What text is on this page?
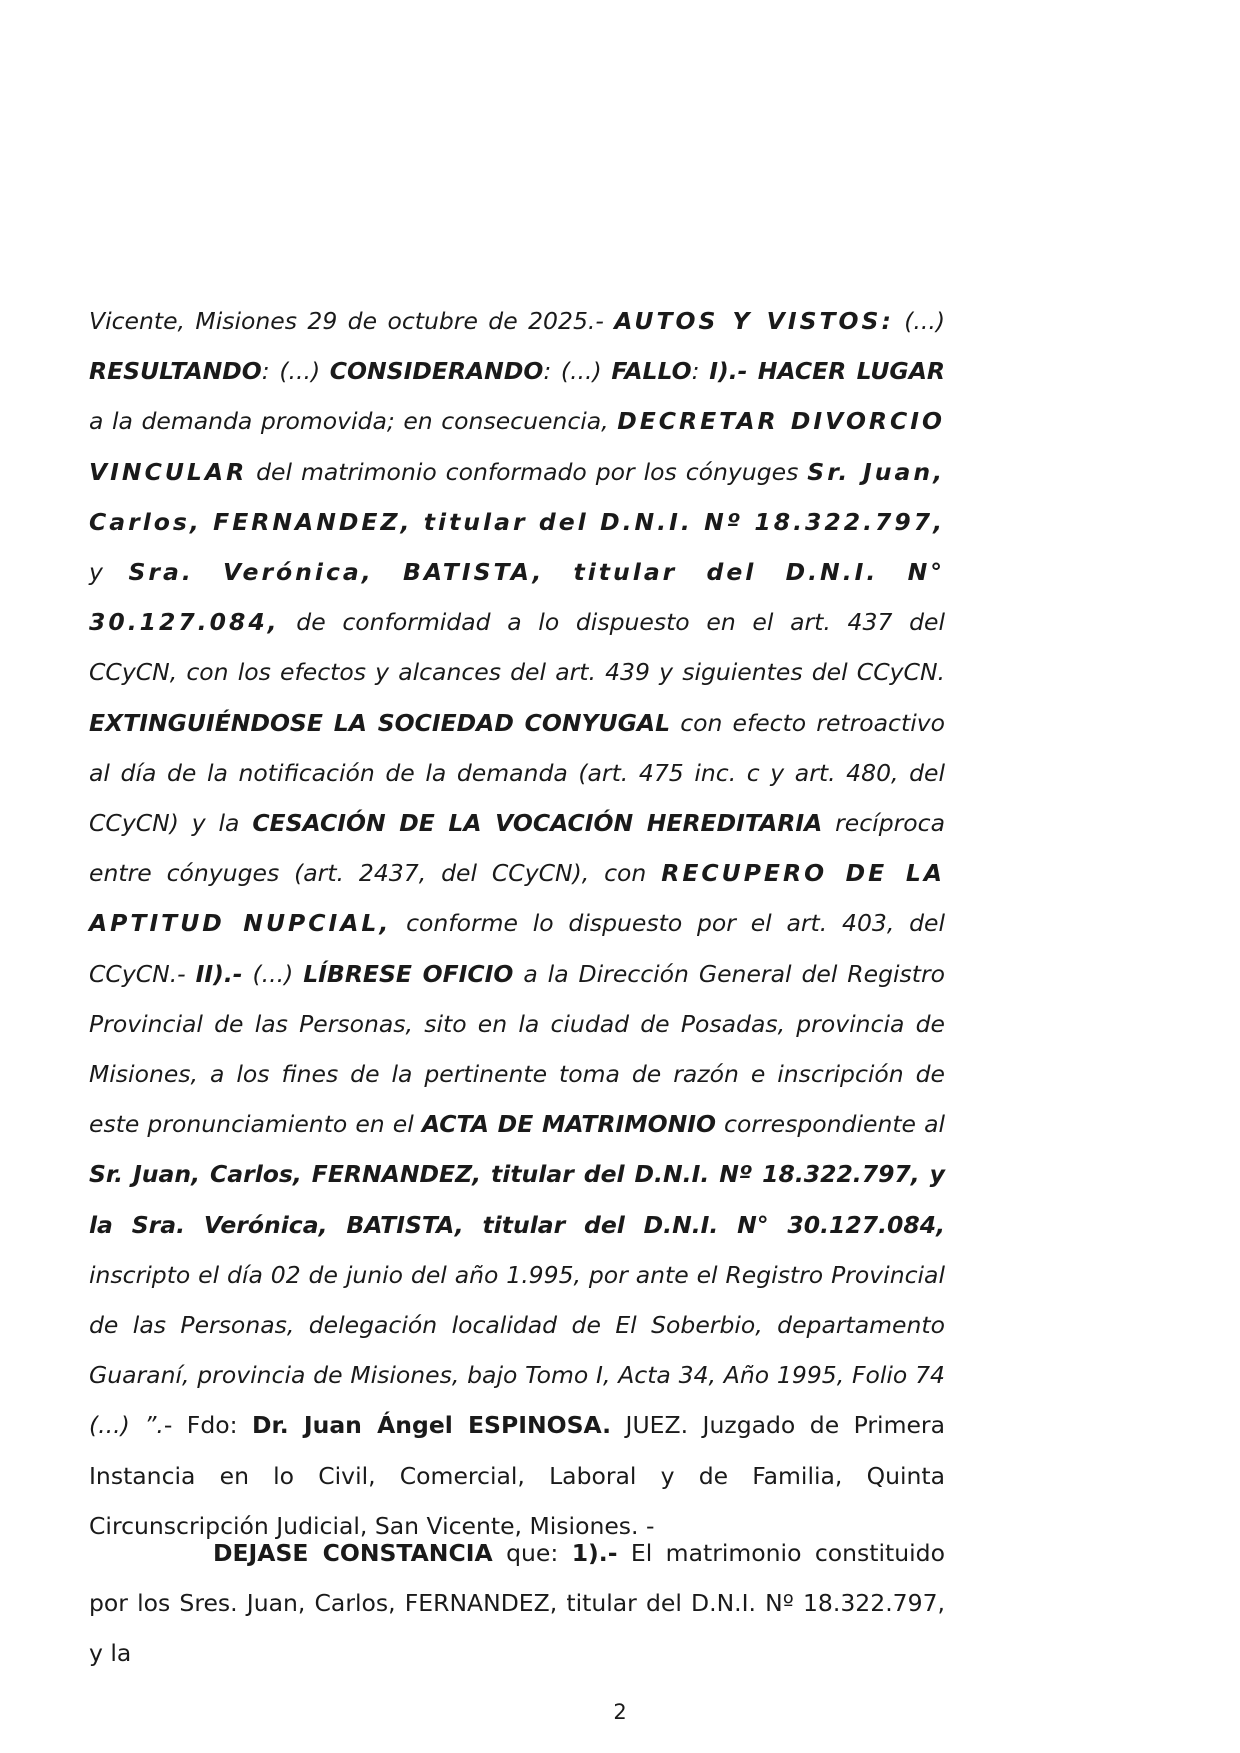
Vicente, Misiones 29 de octubre de 2025.- AUTOS Y VISTOS: (...) RESULTANDO: (...) CONSIDERANDO: (...) FALLO: I).- HACER LUGAR a la demanda promovida; en consecuencia, DECRETAR DIVORCIO VINCULAR del matrimonio conformado por los cónyuges Sr. Juan, Carlos, FERNANDEZ, titular del D.N.I. Nº 18.322.797, y Sra. Verónica, BATISTA, titular del D.N.I. N° 30.127.084, de conformidad a lo dispuesto en el art. 437 del CCyCN, con los efectos y alcances del art. 439 y siguientes del CCyCN. EXTINGUIÉNDOSE LA SOCIEDAD CONYUGAL con efecto retroactivo al día de la notificación de la demanda (art. 475 inc. c y art. 480, del CCyCN) y la CESACIÓN DE LA VOCACIÓN HEREDITARIA recíproca entre cónyuges (art. 2437, del CCyCN), con RECUPERO DE LA APTITUD NUPCIAL, conforme lo dispuesto por el art. 403, del CCyCN.- II).- (...) LÍBRESE OFICIO a la Dirección General del Registro Provincial de las Personas, sito en la ciudad de Posadas, provincia de Misiones, a los fines de la pertinente toma de razón e inscripción de este pronunciamiento en el ACTA DE MATRIMONIO correspondiente al Sr. Juan, Carlos, FERNANDEZ, titular del D.N.I. Nº 18.322.797, y la Sra. Verónica, BATISTA, titular del D.N.I. N° 30.127.084, inscripto el día 02 de junio del año 1.995, por ante el Registro Provincial de las Personas, delegación localidad de El Soberbio, departamento Guaraní, provincia de Misiones, bajo Tomo I, Acta 34, Año 1995, Folio 74 (...) ”.- Fdo: Dr. Juan Ángel ESPINOSA. JUEZ. Juzgado de Primera Instancia en lo Civil, Comercial, Laboral y de Familia, Quinta Circunscripción Judicial, San Vicente, Misiones. -

DEJASE CONSTANCIA que: 1).- El matrimonio constituido por los Sres. Juan, Carlos, FERNANDEZ, titular del D.N.I. Nº 18.322.797, y la

2
